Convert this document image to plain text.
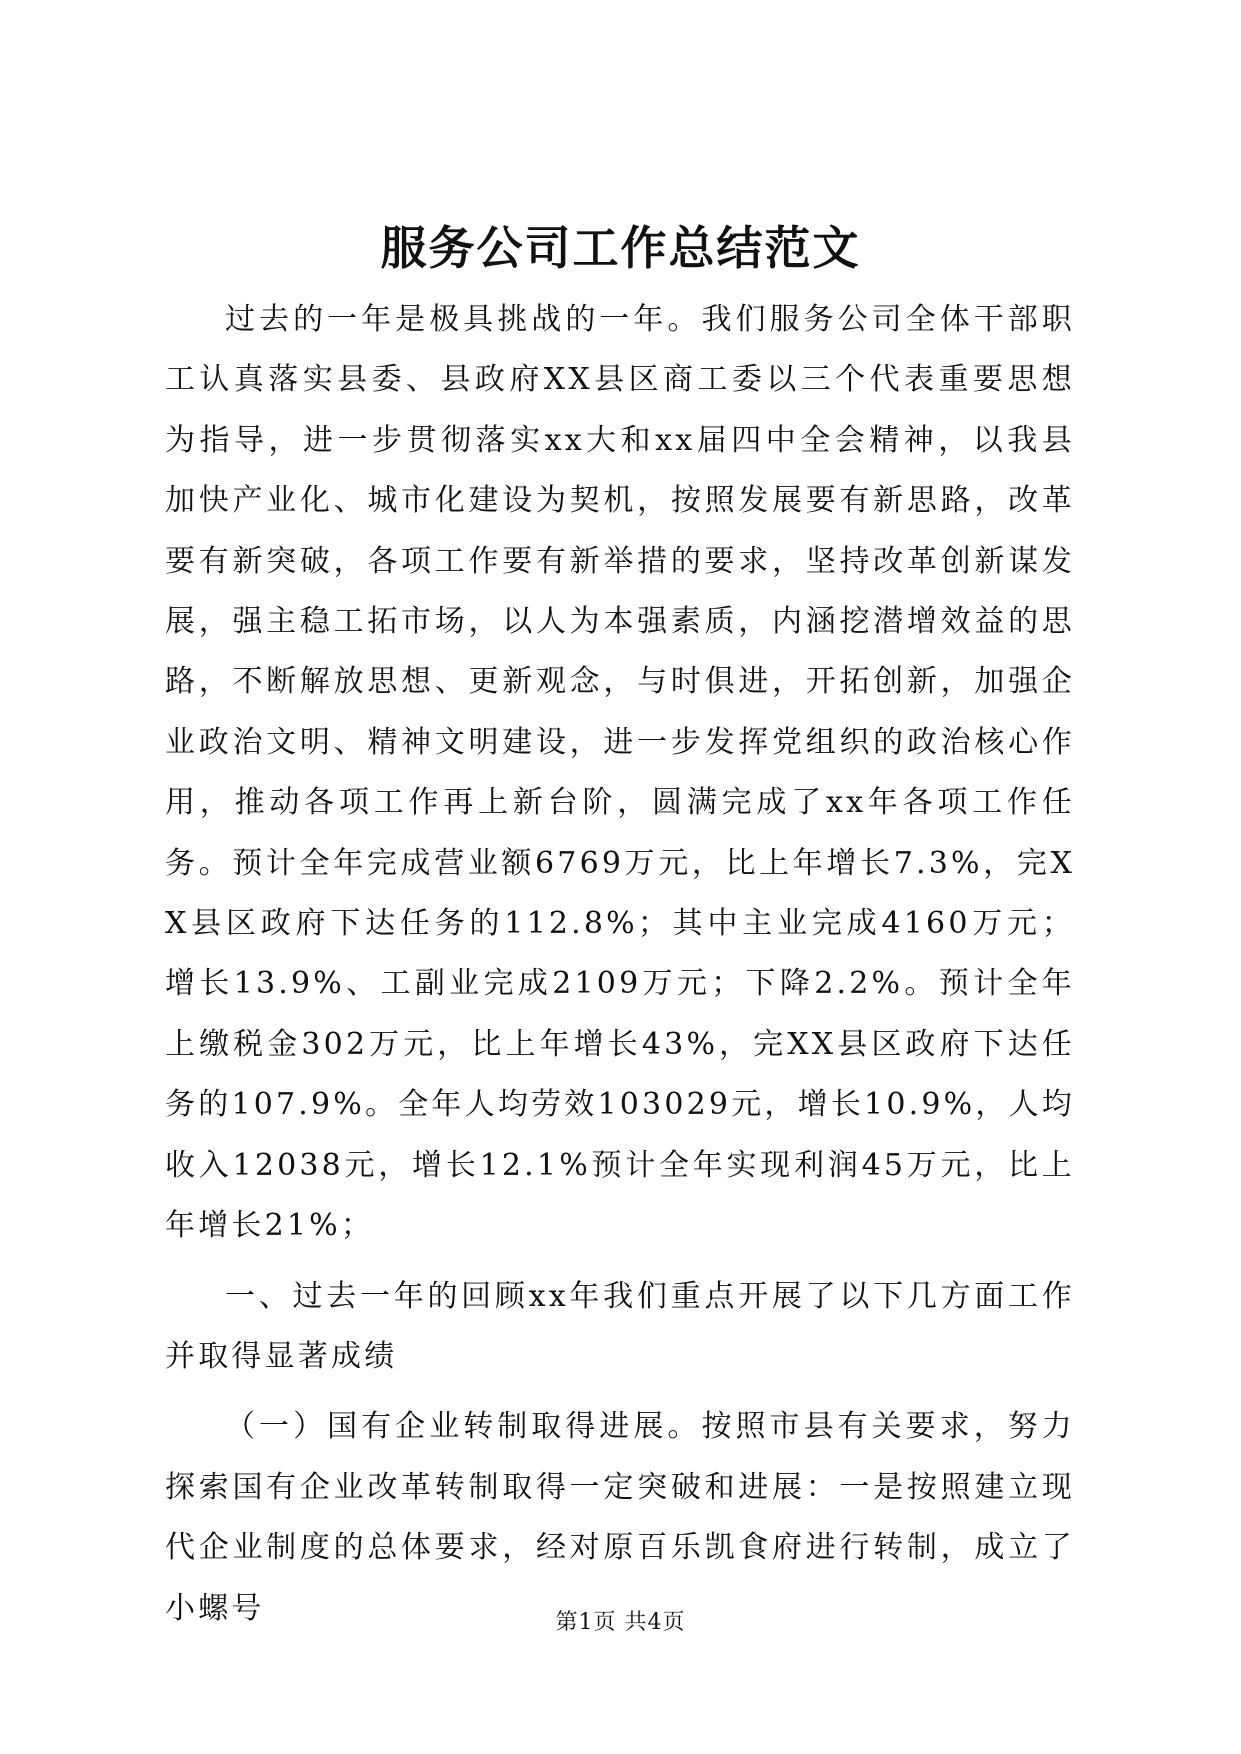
服务公司工作总结范文

过去的一年是极具挑战的一年。我们服务公司全体干部职工认真落实县委、县政府XX县区商工委以三个代表重要思想为指导，进一步贯彻落实xx大和xx届四中全会精神，以我县加快产业化、城市化建设为契机，按照发展要有新思路，改革要有新突破，各项工作要有新举措的要求，坚持改革创新谋发展，强主稳工拓市场，以人为本强素质，内涵挖潜增效益的思路，不断解放思想、更新观念，与时俱进，开拓创新，加强企业政治文明、精神文明建设，进一步发挥党组织的政治核心作用，推动各项工作再上新台阶，圆满完成了xx年各项工作任务。预计全年完成营业额6769万元，比上年增长7.3%，完XX县区政府下达任务的112.8%；其中主业完成4160万元；增长13.9%、工副业完成2109万元；下降2.2%。预计全年上缴税金302万元，比上年增长43%，完XX县区政府下达任务的107.9%。全年人均劳效103029元，增长10.9%，人均收入12038元，增长12.1%预计全年实现利润45万元，比上年增长21%；

一、过去一年的回顾xx年我们重点开展了以下几方面工作并取得显著成绩

（一）国有企业转制取得进展。按照市县有关要求，努力探索国有企业改革转制取得一定突破和进展：一是按照建立现代企业制度的总体要求，经对原百乐凯食府进行转制，成立了小螺号	第1页 共4页
